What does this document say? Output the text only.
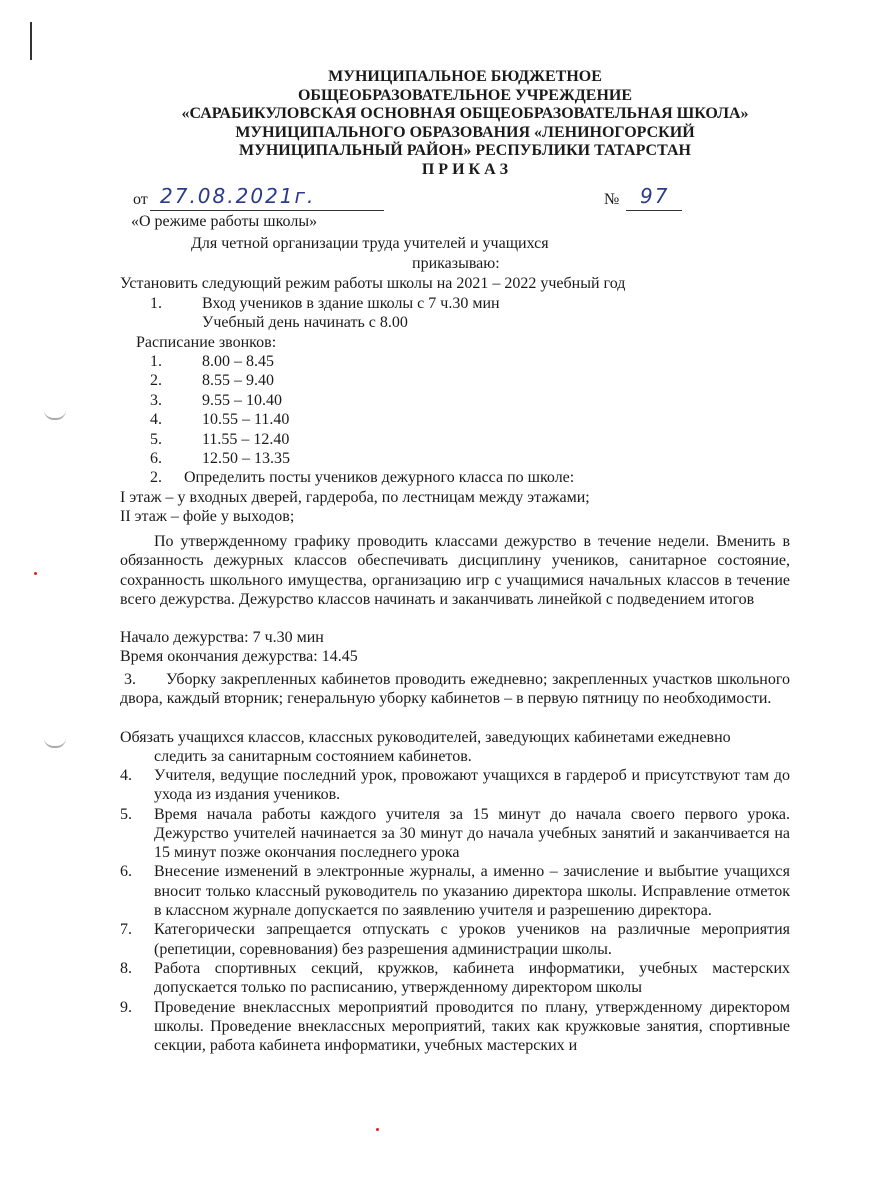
МУНИЦИПАЛЬНОЕ БЮДЖЕТНОЕ
ОБЩЕОБРАЗОВАТЕЛЬНОЕ УЧРЕЖДЕНИЕ
«САРАБИКУЛОВСКАЯ ОСНОВНАЯ ОБЩЕОБРАЗОВАТЕЛЬНАЯ ШКОЛА»
МУНИЦИПАЛЬНОГО ОБРАЗОВАНИЯ «ЛЕНИНОГОРСКИЙ
МУНИЦИПАЛЬНЫЙ РАЙОН» РЕСПУБЛИКИ ТАТАРСТАН
П Р И К А З
от 27.08.2021г.	№ 97
«О режиме работы школы»
Для четной организации труда учителей и учащихся
приказываю:
Установить следующий режим работы школы на 2021 – 2022 учебный год
1.	Вход учеников в здание школы с 7 ч.30 мин
Учебный день начинать с 8.00
Расписание звонков:
1.	8.00 – 8.45
2.	8.55 – 9.40
3.	9.55 – 10.40
4.	10.55 – 11.40
5.	11.55 – 12.40
6.	12.50 – 13.35
2. Определить посты учеников дежурного класса по школе:
I этаж – у входных дверей, гардероба, по лестницам между этажами;
II этаж – фойе у выходов;

По утвержденному графику проводить классами дежурство в течение недели. Вменить в обязанность дежурных классов обеспечивать дисциплину учеников, санитарное состояние, сохранность школьного имущества, организацию игр с учащимися начальных классов в течение всего дежурства. Дежурство классов начинать и заканчивать линейкой с подведением итогов

Начало дежурства: 7 ч.30 мин
Время окончания дежурства: 14.45

3. Уборку закрепленных кабинетов проводить ежедневно; закрепленных участков школьного двора, каждый вторник; генеральную уборку кабинетов – в первую пятницу по необходимости.

Обязать учащихся классов, классных руководителей, заведующих кабинетами ежедневно
следить за санитарным состоянием кабинетов.

4. Учителя, ведущие последний урок, провожают учащихся в гардероб и присутствуют там до ухода из издания учеников.
5. Время начала работы каждого учителя за 15 минут до начала своего первого урока. Дежурство учителей начинается за 30 минут до начала учебных занятий и заканчивается на 15 минут позже окончания последнего урока
6. Внесение изменений в электронные журналы, а именно – зачисление и выбытие учащихся вносит только классный руководитель по указанию директора школы. Исправление отметок в классном журнале допускается по заявлению учителя и разрешению директора.
7. Категорически запрещается отпускать с уроков учеников на различные мероприятия (репетиции, соревнования) без разрешения администрации школы.
8. Работа спортивных секций, кружков, кабинета информатики, учебных мастерских допускается только по расписанию, утвержденному директором школы
9. Проведение внеклассных мероприятий проводится по плану, утвержденному директором школы. Проведение внеклассных мероприятий, таких как кружковые занятия, спортивные секции, работа кабинета информатики, учебных мастерских и
